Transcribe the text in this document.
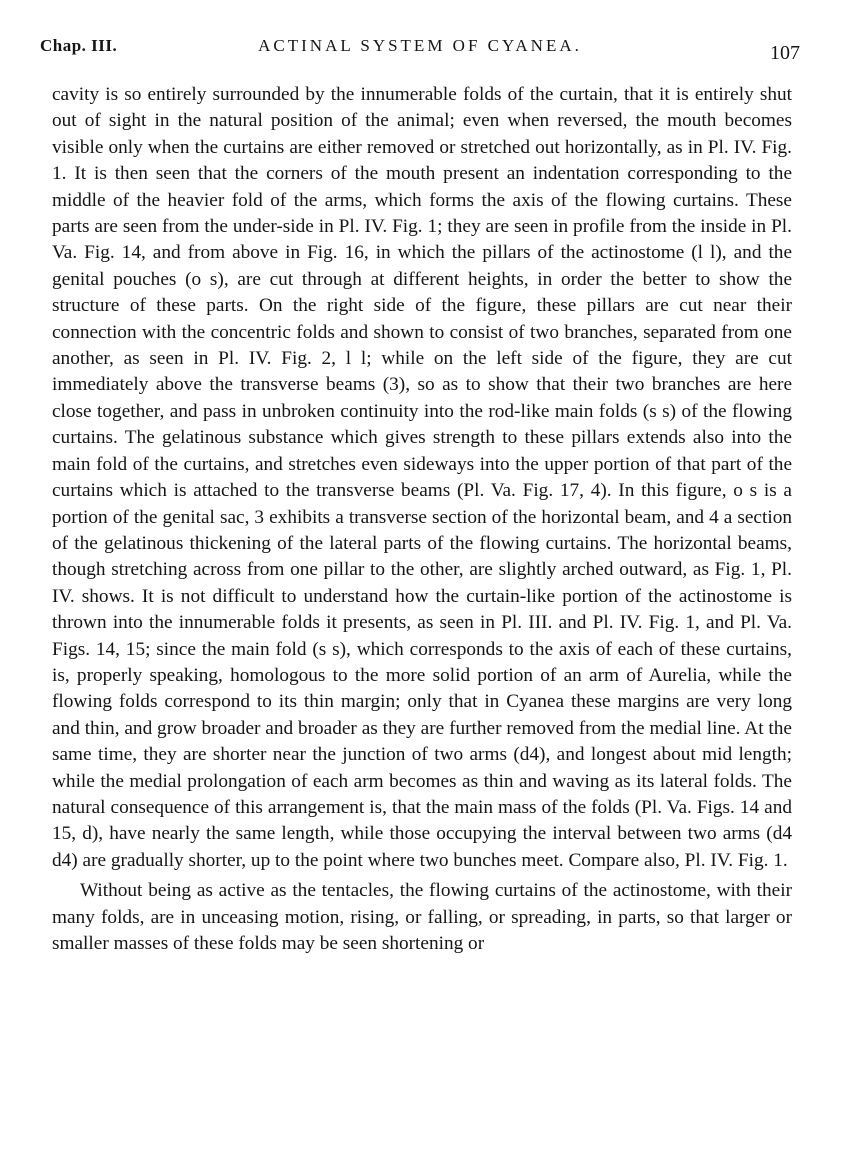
Chap. III.	ACTINAL SYSTEM OF CYANEA.	107

cavity is so entirely surrounded by the innumerable folds of the curtain, that it is entirely shut out of sight in the natural position of the animal; even when reversed, the mouth becomes visible only when the curtains are either removed or stretched out horizontally, as in Pl. IV. Fig. 1. It is then seen that the corners of the mouth present an indentation corresponding to the middle of the heavier fold of the arms, which forms the axis of the flowing curtains. These parts are seen from the under-side in Pl. IV. Fig. 1; they are seen in profile from the inside in Pl. Va. Fig. 14, and from above in Fig. 16, in which the pillars of the actinostome (l l), and the genital pouches (o s), are cut through at different heights, in order the better to show the structure of these parts. On the right side of the figure, these pillars are cut near their connection with the concentric folds and shown to consist of two branches, separated from one another, as seen in Pl. IV. Fig. 2, l l; while on the left side of the figure, they are cut immediately above the transverse beams (3), so as to show that their two branches are here close together, and pass in unbroken continuity into the rod-like main folds (s s) of the flowing curtains. The gelatinous substance which gives strength to these pillars extends also into the main fold of the curtains, and stretches even sideways into the upper portion of that part of the curtains which is attached to the transverse beams (Pl. Va. Fig. 17, 4). In this figure, o s is a portion of the genital sac, 3 exhibits a transverse section of the horizontal beam, and 4 a section of the gelatinous thickening of the lateral parts of the flowing curtains. The horizontal beams, though stretching across from one pillar to the other, are slightly arched outward, as Fig. 1, Pl. IV. shows. It is not difficult to understand how the curtain-like portion of the actinostome is thrown into the innumerable folds it presents, as seen in Pl. III. and Pl. IV. Fig. 1, and Pl. Va. Figs. 14, 15; since the main fold (s s), which corresponds to the axis of each of these curtains, is, properly speaking, homologous to the more solid portion of an arm of Aurelia, while the flowing folds correspond to its thin margin; only that in Cyanea these margins are very long and thin, and grow broader and broader as they are further removed from the medial line. At the same time, they are shorter near the junction of two arms (d4), and longest about mid length; while the medial prolongation of each arm becomes as thin and waving as its lateral folds. The natural consequence of this arrangement is, that the main mass of the folds (Pl. Va. Figs. 14 and 15, d), have nearly the same length, while those occupying the interval between two arms (d4 d4) are gradually shorter, up to the point where two bunches meet. Compare also, Pl. IV. Fig. 1.

Without being as active as the tentacles, the flowing curtains of the actinostome, with their many folds, are in unceasing motion, rising, or falling, or spreading, in parts, so that larger or smaller masses of these folds may be seen shortening or
